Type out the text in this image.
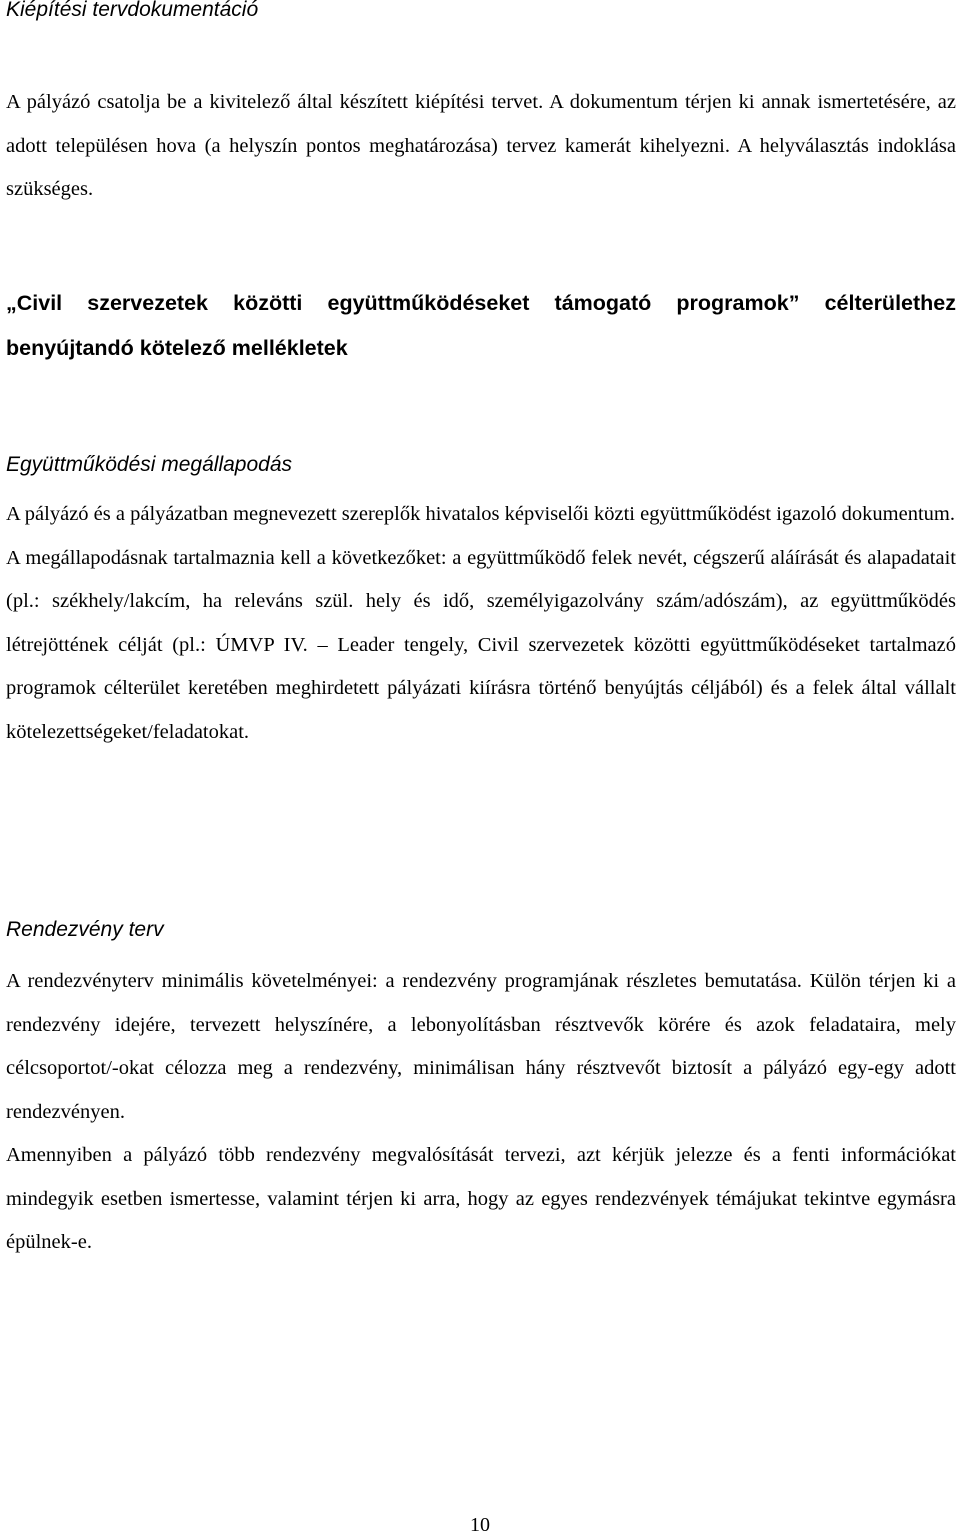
Kiépítési tervdokumentáció

A pályázó csatolja be a kivitelező által készített kiépítési tervet. A dokumentum térjen ki annak ismertetésére, az adott településen hova (a helyszín pontos meghatározása) tervez kamerát kihelyezni. A helyválasztás indoklása szükséges.

„Civil szervezetek közötti együttműködéseket támogató programok” célterülethez benyújtandó kötelező mellékletek
Együttműködési megállapodás

A pályázó és a pályázatban megnevezett szereplők hivatalos képviselői közti együttműködést igazoló dokumentum.

A megállapodásnak tartalmaznia kell a következőket: a együttműködő felek nevét, cégszerű aláírását és alapadatait (pl.: székhely/lakcím, ha releváns szül. hely és idő, személyigazolvány szám/adószám), az együttműködés létrejöttének célját (pl.: ÚMVP IV. – Leader tengely, Civil szervezetek közötti együttműködéseket tartalmazó programok célterület keretében meghirdetett pályázati kiírásra történő benyújtás céljából) és a felek által vállalt kötelezettségeket/feladatokat.

Rendezvény terv

A rendezvényterv minimális követelményei: a rendezvény programjának részletes bemutatása. Külön térjen ki a rendezvény idejére, tervezett helyszínére, a lebonyolításban résztvevők körére és azok feladataira, mely célcsoportot/-okat célozza meg a rendezvény, minimálisan hány résztvevőt biztosít a pályázó egy-egy adott rendezvényen.

Amennyiben a pályázó több rendezvény megvalósítását tervezi, azt kérjük jelezze és a fenti információkat mindegyik esetben ismertesse, valamint térjen ki arra, hogy az egyes rendezvények témájukat tekintve egymásra épülnek-e.

10
